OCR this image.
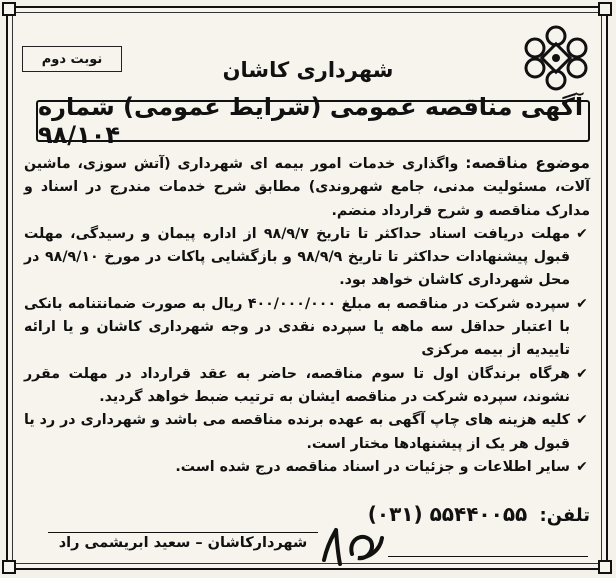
نوبت دوم	شهرداری کاشان
آگهی مناقصه عمومی (شرایط عمومی) شماره ۹۸/۱۰۴
موضوع مناقصه: واگذاری خدمات امور بیمه ای شهرداری (آتش سوزی، ماشین آلات، مسئولیت مدنی، جامع شهروندی) مطابق شرح خدمات مندرج در اسناد و مدارک مناقصه و شرح قرارداد منضم.
✔
مهلت دریافت اسناد حداکثر تا تاریخ ۹۸/۹/۷ از اداره پیمان و رسیدگی، مهلت قبول پیشنهادات حداکثر تا تاریخ ۹۸/۹/۹ و بازگشایی پاکات در مورخ ۹۸/۹/۱۰ در محل شهرداری کاشان خواهد بود.
✔
سپرده شرکت در مناقصه به مبلغ ۴۰۰/۰۰۰/۰۰۰ ریال به صورت ضمانتنامه بانکی با اعتبار حداقل سه ماهه یا سپرده نقدی در وجه شهرداری کاشان و یا ارائه تاییدیه از بیمه مرکزی
✔
هرگاه برندگان اول تا سوم مناقصه، حاضر به عقد قرارداد در مهلت مقرر نشوند، سپرده شرکت در مناقصه ایشان به ترتیب ضبط خواهد گردید.
✔
کلیه هزینه های چاپ آگهی به عهده برنده مناقصه می باشد و شهرداری در رد یا قبول هر یک از پیشنهادها مختار است.
✔
سایر اطلاعات و جزئیات در اسناد مناقصه درج شده است.
تلفن: (۰۳۱) ۵۵۴۴۰۰۵۵
شهردارکاشان – سعید ابریشمی راد
